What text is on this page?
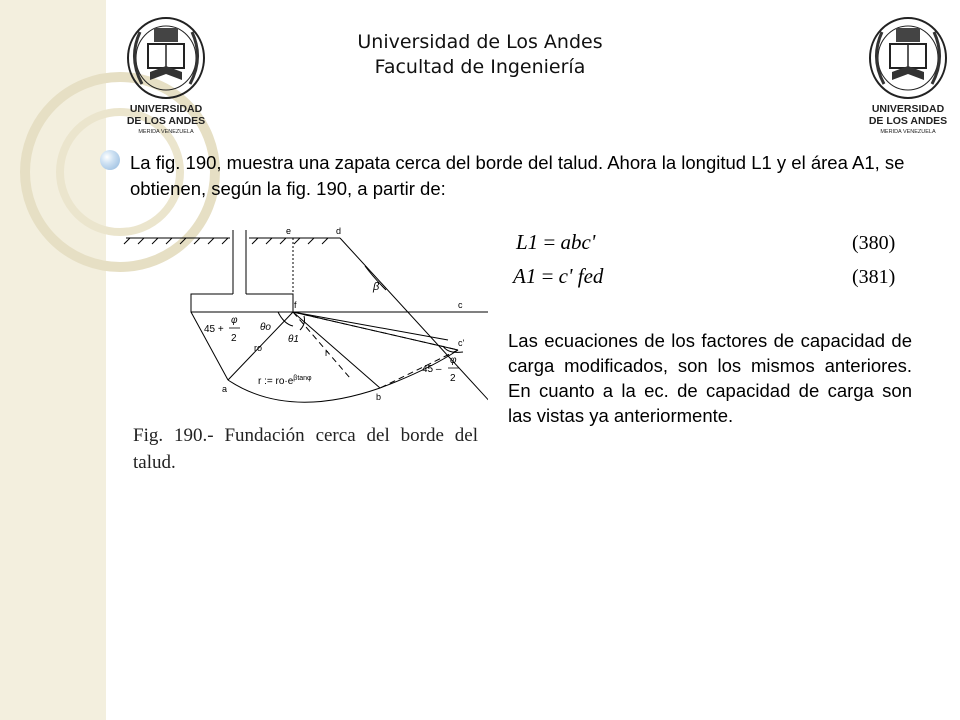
UNIVERSIDAD
DE LOS ANDES
MERIDA VENEZUELA
UNIVERSIDAD
DE LOS ANDES
MERIDA VENEZUELA
Universidad de Los Andes
Facultad de Ingeniería
La fig. 190, muestra una zapata cerca del borde del talud. Ahora la longitud L1 y el área A1, se obtienen, según la fig. 190, a partir de:
e	d
f	c
c'
a
b
β
θo
θ1
ro	r
45 +
φ
2
45 –
φ
2
r := $ro\cdot e^{\beta tan\varphi}$
Fig. 190.- Fundación cerca del borde del talud.
L1 = abc'	(380)
A1 = c' fed	(381)
Las ecuaciones de los factores de capacidad de carga modificados, son los mismos anteriores. En cuanto a la ec. de capacidad de carga son las vistas ya anteriormente.
